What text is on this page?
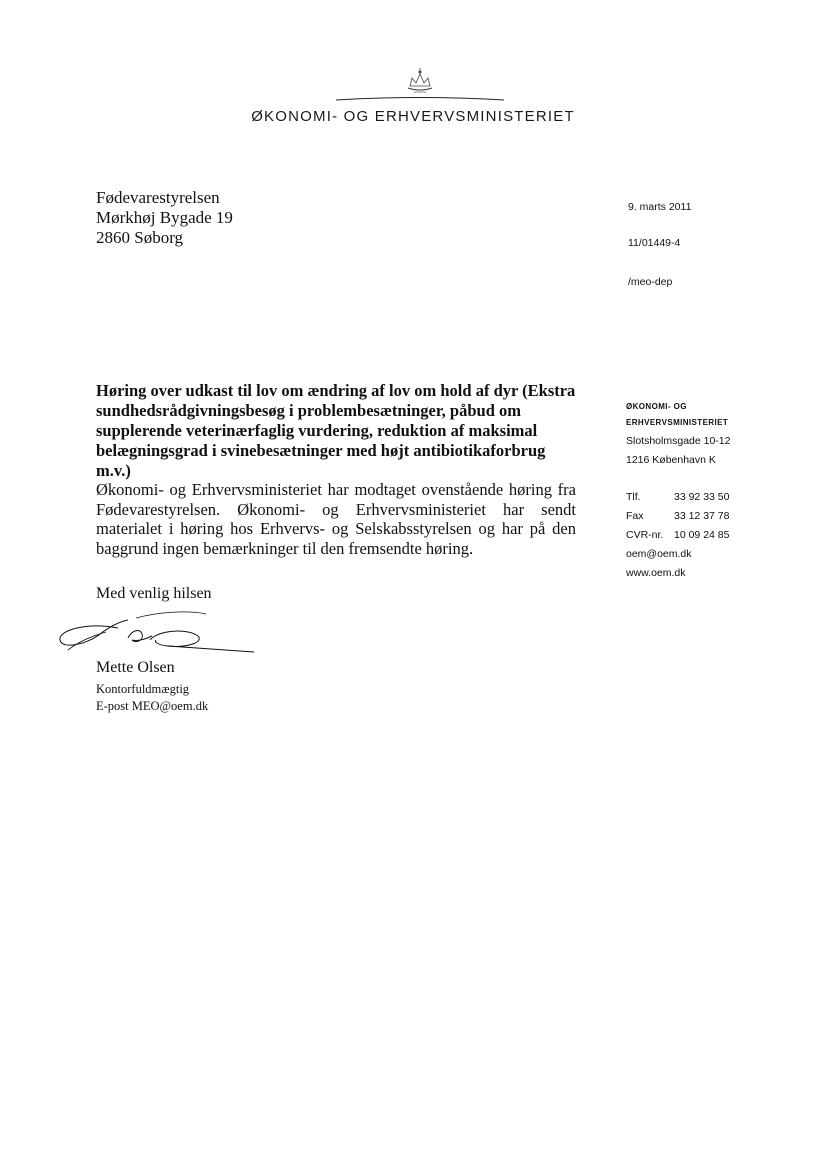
ØKONOMI- OG ERHVERVSMINISTERIET
Fødevarestyrelsen
Mørkhøj Bygade 19
2860 Søborg
9. marts 2011
11/01449-4
/meo-dep
Høring over udkast til lov om ændring af lov om hold af dyr (Ekstra sundhedsrådgivningsbesøg i problembesætninger, påbud om supplerende veterinærfaglig vurdering, reduktion af maksimal belægningsgrad i svinebesætninger med højt antibiotikaforbrug m.v.)
Økonomi- og Erhvervsministeriet har modtaget ovenstående høring fra Fødevarestyrelsen. Økonomi- og Erhvervsministeriet har sendt materialet i høring hos Erhvervs- og Selskabsstyrelsen og har på den baggrund ingen bemærkninger til den fremsendte høring.
ØKONOMI- OG
ERHVERVSMINISTERIET
Slotsholmsgade 10-12
1216 København K
Tlf.	33 92 33 50
Fax	33 12 37 78
CVR-nr.	10 09 24 85
oem@oem.dk
www.oem.dk
Med venlig hilsen
Mette Olsen
Kontorfuldmægtig
E-post MEO@oem.dk
